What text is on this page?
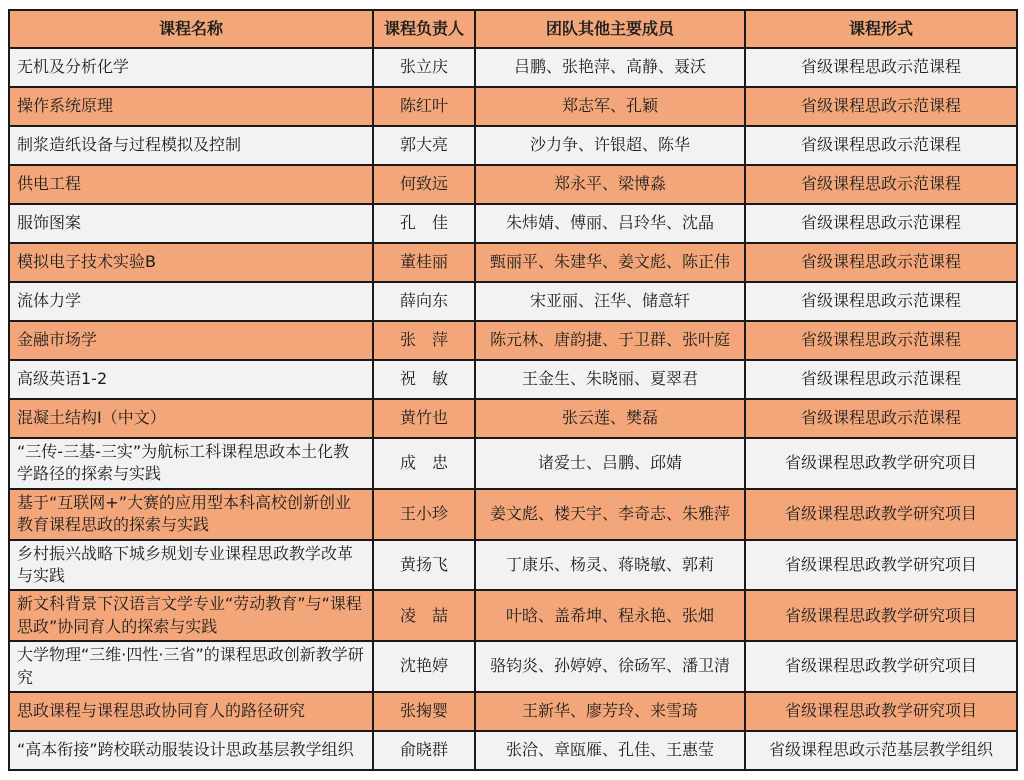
课程名称	课程负责人	团队其他主要成员	课程形式
无机及分析化学	张立庆	吕鹏、张艳萍、高静、聂沃	省级课程思政示范课程
操作系统原理	陈红叶	郑志军、孔颖	省级课程思政示范课程
制浆造纸设备与过程模拟及控制	郭大亮	沙力争、许银超、陈华	省级课程思政示范课程
供电工程	何致远	郑永平、梁博淼	省级课程思政示范课程
服饰图案	孔　佳	朱炜婧、傅丽、吕玲华、沈晶	省级课程思政示范课程
模拟电子技术实验B	董桂丽	甄丽平、朱建华、姜文彪、陈正伟	省级课程思政示范课程
流体力学	薛向东	宋亚丽、汪华、储意轩	省级课程思政示范课程
金融市场学	张　萍	陈元林、唐韵捷、于卫群、张叶庭	省级课程思政示范课程
高级英语1-2	祝　敏	王金生、朱晓丽、夏翠君	省级课程思政示范课程
混凝土结构Ⅰ（中文）	黄竹也	张云莲、樊磊	省级课程思政示范课程
“三传-三基-三实”为航标工科课程思政本土化教学路径的探索与实践	成　忠	诸爱士、吕鹏、邱婧	省级课程思政教学研究项目
基于“互联网+”大赛的应用型本科高校创新创业教育课程思政的探索与实践	王小珍	姜文彪、楼天宇、李奇志、朱雅萍	省级课程思政教学研究项目
乡村振兴战略下城乡规划专业课程思政教学改革与实践	黄扬飞	丁康乐、杨灵、蒋晓敏、郭莉	省级课程思政教学研究项目
新文科背景下汉语言文学专业“劳动教育”与“课程思政”协同育人的探索与实践	凌　喆	叶晗、盖希坤、程永艳、张畑	省级课程思政教学研究项目
大学物理“三维·四性·三省”的课程思政创新教学研究	沈艳婷	骆钧炎、孙婷婷、徐砀军、潘卫清	省级课程思政教学研究项目
思政课程与课程思政协同育人的路径研究	张掬婴	王新华、廖芳玲、来雪琦	省级课程思政教学研究项目
“高本衔接”跨校联动服装设计思政基层教学组织	俞晓群	张洽、章瓯雁、孔佳、王惠莹	省级课程思政示范基层教学组织
